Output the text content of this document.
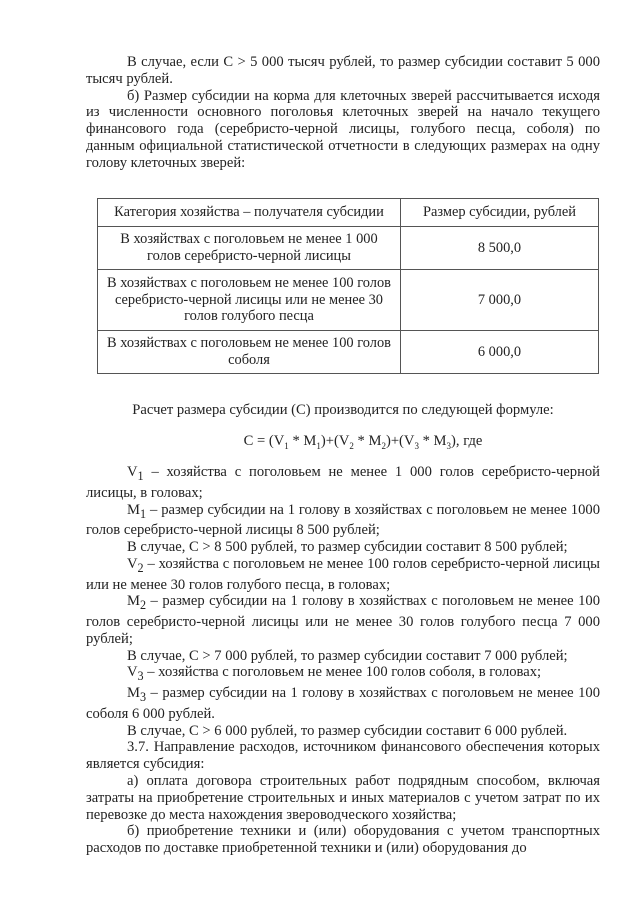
В случае, если С > 5 000 тысяч рублей, то размер субсидии составит 5 000 тысяч рублей.

б) Размер субсидии на корма для клеточных зверей рассчитывается исходя из численности основного поголовья клеточных зверей на начало текущего финансового года (серебристо-черной лисицы, голубого песца, соболя) по данным официальной статистической отчетности в следующих размерах на одну голову клеточных зверей:

Категория хозяйства – получателя субсидии	Размер субсидии, рублей
В хозяйствах с поголовьем не менее 1 000 голов серебристо-черной лисицы	8 500,0
В хозяйствах с поголовьем не менее 100 голов серебристо-черной лисицы или не менее 30 голов голубого песца	7 000,0
В хозяйствах с поголовьем не менее 100 голов соболя	6 000,0
Расчет размера субсидии (С) производится по следующей формуле:
$С = (V_1 * M_1)+(V_2 * M_2)+(V_3 * M_3)$, где

$V_1$ – хозяйства с поголовьем не менее 1 000 голов серебристо-черной лисицы, в головах;

$M_1$ – размер субсидии на 1 голову в хозяйствах с поголовьем не менее 1000 голов серебристо-черной лисицы 8 500 рублей;

В случае, С > 8 500 рублей, то размер субсидии составит 8 500 рублей;

$V_2$ – хозяйства с поголовьем не менее 100 голов серебристо-черной лисицы или не менее 30 голов голубого песца, в головах;

$M_2$ – размер субсидии на 1 голову в хозяйствах с поголовьем не менее 100 голов серебристо-черной лисицы или не менее 30 голов голубого песца 7 000 рублей;

В случае, С > 7 000 рублей, то размер субсидии составит 7 000 рублей;

$V_3$ – хозяйства с поголовьем не менее 100 голов соболя, в головах;

$M_3$ – размер субсидии на 1 голову в хозяйствах с поголовьем не менее 100 соболя 6 000 рублей.

В случае, С > 6 000 рублей, то размер субсидии составит 6 000 рублей.

3.7. Направление расходов, источником финансового обеспечения которых является субсидия:

а) оплата договора строительных работ подрядным способом, включая затраты на приобретение строительных и иных материалов с учетом затрат по их перевозке до места нахождения звероводческого хозяйства;

б) приобретение техники и (или) оборудования с учетом транспортных расходов по доставке приобретенной техники и (или) оборудования до
